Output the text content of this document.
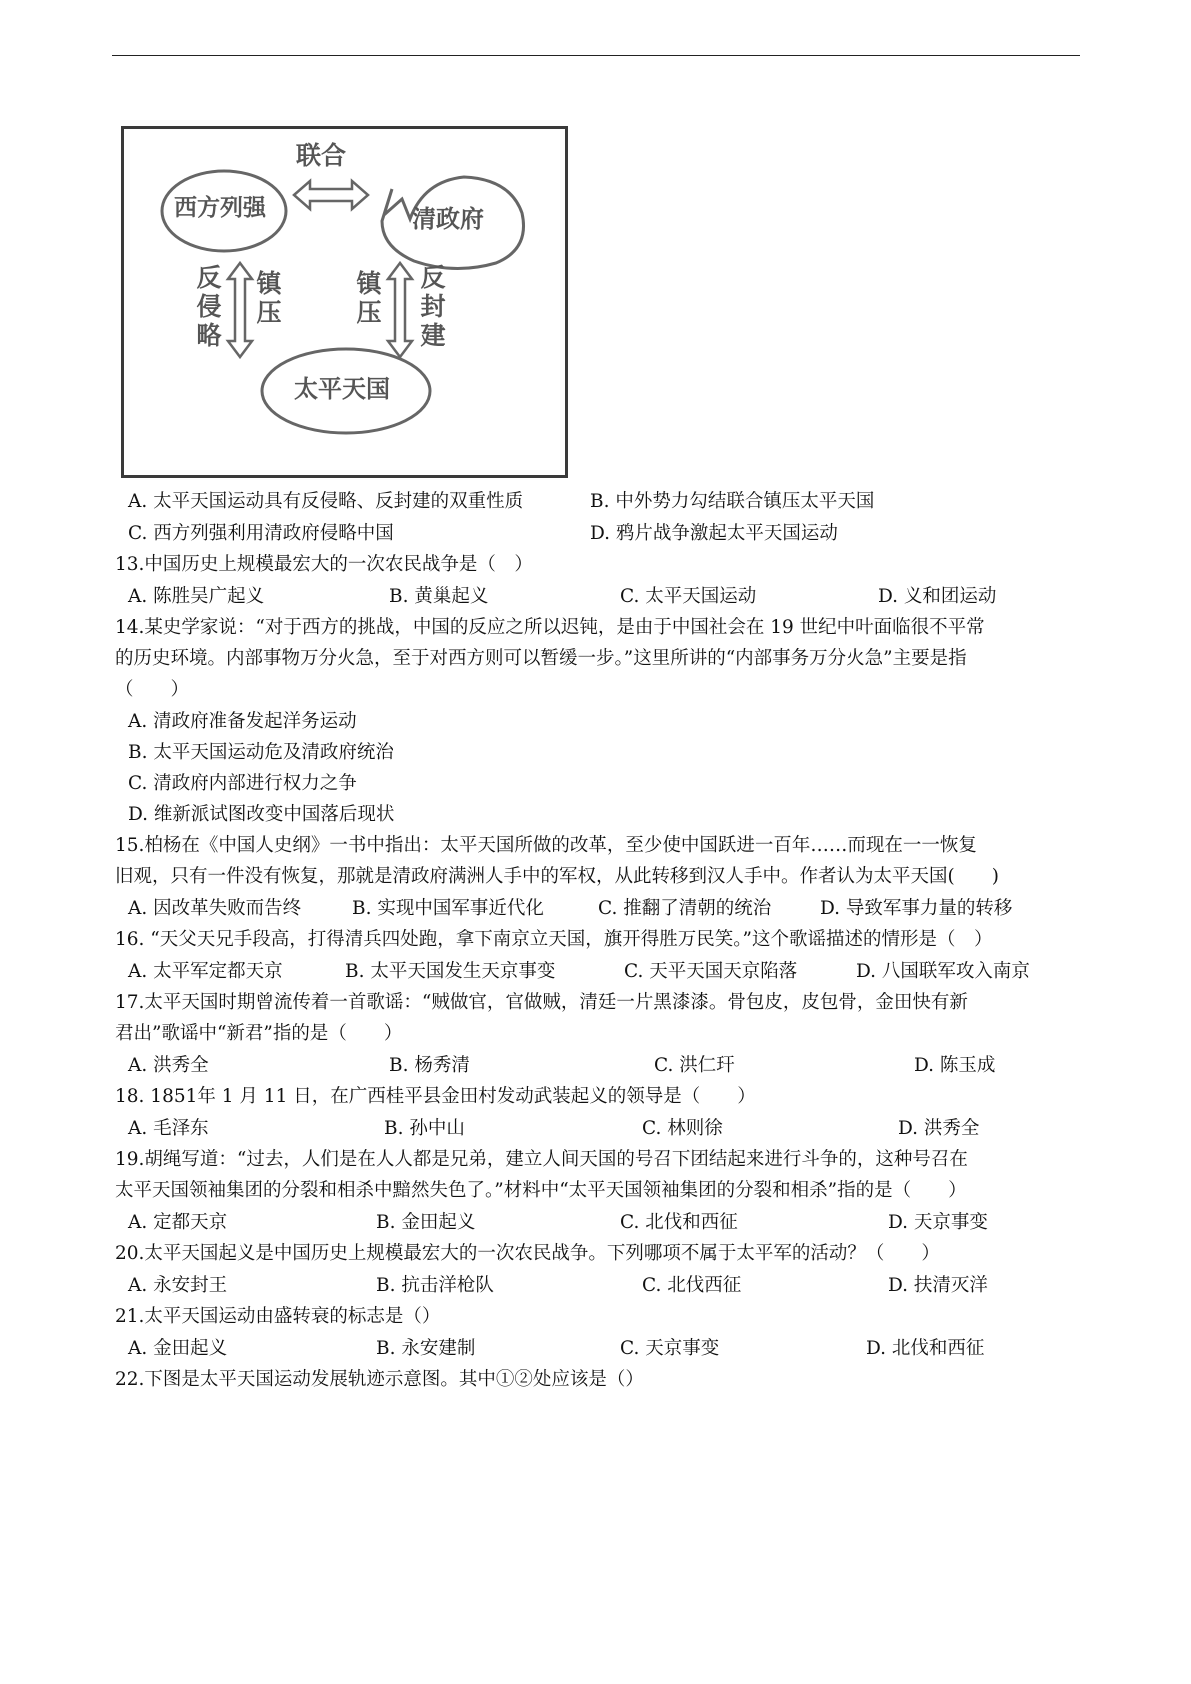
联合
西方列强	清政府
太平天国
反侵略
镇压
镇压
反封建
A. 太平天国运动具有反侵略、反封建的双重性质	B. 中外势力勾结联合镇压太平天国
C. 西方列强利用清政府侵略中国	D. 鸦片战争激起太平天国运动
13.中国历史上规模最宏大的一次农民战争是（　）
A. 陈胜吴广起义	B. 黄巢起义	C. 太平天国运动	D. 义和团运动
14.某史学家说：“对于西方的挑战，中国的反应之所以迟钝，是由于中国社会在 19 世纪中叶面临很不平常
的历史环境。内部事物万分火急，至于对西方则可以暂缓一步。”这里所讲的“内部事务万分火急”主要是指
（　　）
A. 清政府准备发起洋务运动
B. 太平天国运动危及清政府统治
C. 清政府内部进行权力之争
D. 维新派试图改变中国落后现状
15.柏杨在《中国人史纲》一书中指出：太平天国所做的改革，至少使中国跃进一百年……而现在一一恢复
旧观，只有一件没有恢复，那就是清政府满洲人手中的军权，从此转移到汉人手中。作者认为太平天国(　　)
A. 因改革失败而告终	B. 实现中国军事近代化	C. 推翻了清朝的统治	D. 导致军事力量的转移
16. “天父天兄手段高，打得清兵四处跑，拿下南京立天国，旗开得胜万民笑。”这个歌谣描述的情形是（　）
A. 太平军定都天京	B. 太平天国发生天京事变	C. 天平天国天京陷落	D. 八国联军攻入南京
17.太平天国时期曾流传着一首歌谣：“贼做官，官做贼，清廷一片黑漆漆。骨包皮，皮包骨，金田快有新
君出”歌谣中“新君”指的是（　　）
A. 洪秀全	B. 杨秀清	C. 洪仁玕	D. 陈玉成
18. 1851年 1 月 11 日，在广西桂平县金田村发动武装起义的领导是（　　）
A. 毛泽东	B. 孙中山	C. 林则徐	D. 洪秀全
19.胡绳写道：“过去，人们是在人人都是兄弟，建立人间天国的号召下团结起来进行斗争的，这种号召在
太平天国领袖集团的分裂和相杀中黯然失色了。”材料中“太平天国领袖集团的分裂和相杀”指的是（　　）
A. 定都天京	B. 金田起义	C. 北伐和西征	D. 天京事变
20.太平天国起义是中国历史上规模最宏大的一次农民战争。下列哪项不属于太平军的活动？（　　）
A. 永安封王	B. 抗击洋枪队	C. 北伐西征	D. 扶清灭洋
21.太平天国运动由盛转衰的标志是（）
A. 金田起义	B. 永安建制	C. 天京事变	D. 北伐和西征
22.下图是太平天国运动发展轨迹示意图。其中①②处应该是（）
